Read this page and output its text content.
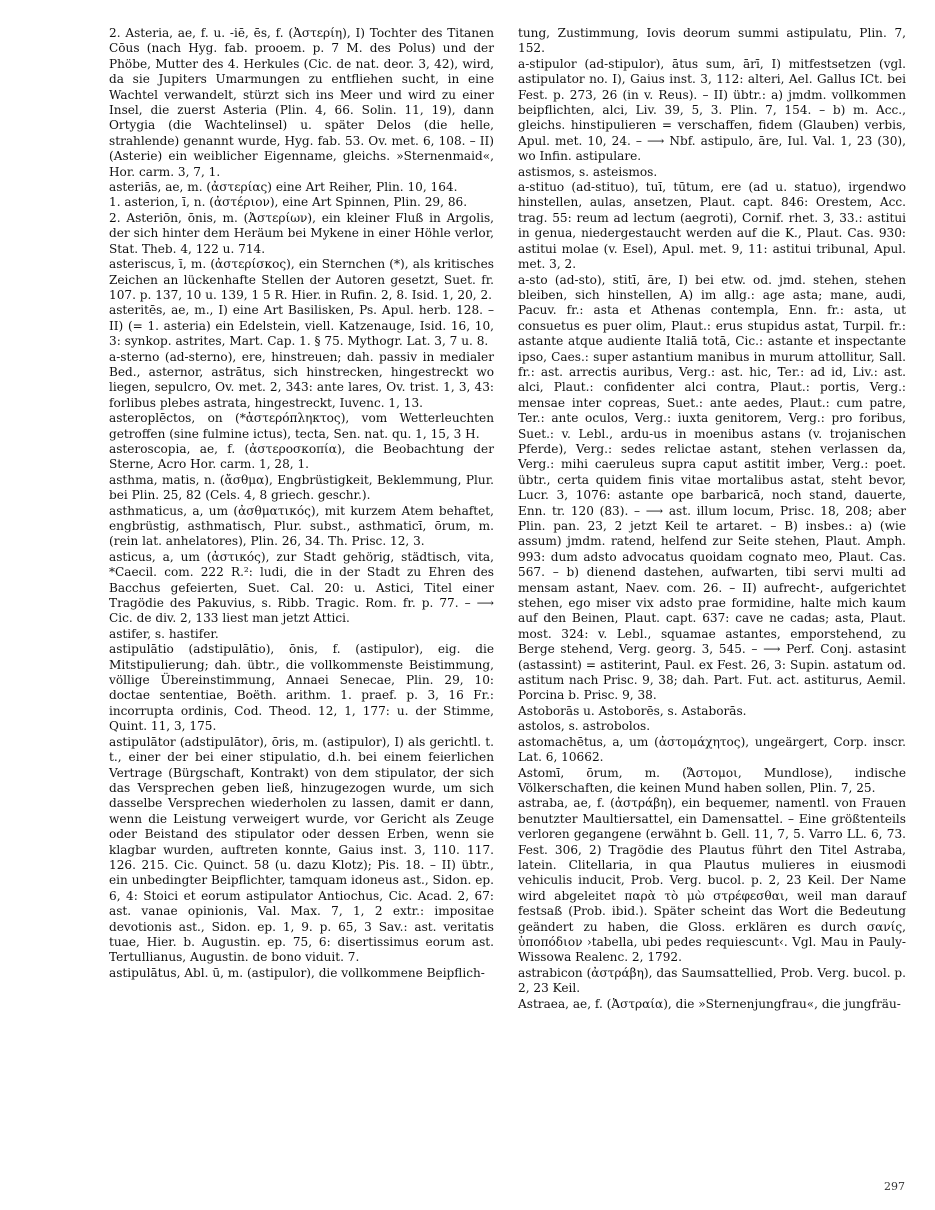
2. Asteria, ae, f. u. -iē, ēs, f. (Ἀστερίη), I) Tochter des Titanen Cōus (nach Hyg. fab. prooem. p. 7 M. des Polus) und der Phöbe, Mutter des 4. Herkules (Cic. de nat. deor. 3, 42), wird, da sie Jupiters Umarmungen zu entfliehen sucht, in eine Wachtel verwandelt, stürzt sich ins Meer und wird zu einer Insel, die zuerst Asteria (Plin. 4, 66. Solin. 11, 19), dann Ortygia (die Wachtelinsel) u. später Delos (die helle, strahlende) genannt wurde, Hyg. fab. 53. Ov. met. 6, 108. – II) (Asterie) ein weiblicher Eigenname, gleichs. »Sternenmaid«, Hor. carm. 3, 7, 1.

asteriās, ae, m. (ἀστερίας) eine Art Reiher, Plin. 10, 164.

1. asterion, ī, n. (ἀστέριον), eine Art Spinnen, Plin. 29, 86.

2. Asteriōn, ōnis, m. (Ἀστερίων), ein kleiner Fluß in Argolis, der sich hinter dem Heräum bei Mykene in einer Höhle verlor, Stat. Theb. 4, 122 u. 714.

asteriscus, ī, m. (ἀστερίσκος), ein Sternchen (*), als kritisches Zeichen an lückenhafte Stellen der Autoren gesetzt, Suet. fr. 107. p. 137, 10 u. 139, 1 5 R. Hier. in Rufin. 2, 8. Isid. 1, 20, 2.

asteritēs, ae, m., I) eine Art Basilisken, Ps. Apul. herb. 128. – II) (= 1. asteria) ein Edelstein, viell. Katzenauge, Isid. 16, 10, 3: synkop. astrites, Mart. Cap. 1. § 75. Mythogr. Lat. 3, 7 u. 8.

a-sterno (ad-sterno), ere, hinstreuen; dah. passiv in medialer Bed., asternor, astrātus, sich hinstrecken, hingestreckt wo liegen, sepulcro, Ov. met. 2, 343: ante lares, Ov. trist. 1, 3, 43: forlibus plebes astrata, hingestreckt, Iuvenc. 1, 13.

asteroplēctos, on (*ἀστερόπληκτος), vom Wetterleuchten getroffen (sine fulmine ictus), tecta, Sen. nat. qu. 1, 15, 3 H.

asteroscopia, ae, f. (ἀστεροσκοπία), die Beobachtung der Sterne, Acro Hor. carm. 1, 28, 1.

asthma, matis, n. (ἄσθμα), Engbrüstigkeit, Beklemmung, Plur. bei Plin. 25, 82 (Cels. 4, 8 griech. geschr.).

asthmaticus, a, um (ἀσθματικός), mit kurzem Atem behaftet, engbrüstig, asthmatisch, Plur. subst., asthmaticī, ōrum, m. (rein lat. anhelatores), Plin. 26, 34. Th. Prisc. 12, 3.

asticus, a, um (ἀστικός), zur Stadt gehörig, städtisch, vita, *Caecil. com. 222 R.²: ludi, die in der Stadt zu Ehren des Bacchus gefeierten, Suet. Cal. 20: u. Astici, Titel einer Tragödie des Pakuvius, s. Ribb. Tragic. Rom. fr. p. 77. – ⟶ Cic. de div. 2, 133 liest man jetzt Attici.

astifer, s. hastifer.

astipulātio (adstipulātio), ōnis, f. (astipulor), eig. die Mitstipulierung; dah. übtr., die vollkommenste Beistimmung, völlige Übereinstimmung, Annaei Senecae, Plin. 29, 10: doctae sententiae, Boëth. arithm. 1. praef. p. 3, 16 Fr.: incorrupta ordinis, Cod. Theod. 12, 1, 177: u. der Stimme, Quint. 11, 3, 175.

astipulātor (adstipulātor), ōris, m. (astipulor), I) als gerichtl. t. t., einer der bei einer stipulatio, d.h. bei einem feierlichen Vertrage (Bürgschaft, Kontrakt) von dem stipulator, der sich das Versprechen geben ließ, hinzugezogen wurde, um sich dasselbe Versprechen wiederholen zu lassen, damit er dann, wenn die Leistung verweigert wurde, vor Gericht als Zeuge oder Beistand des stipulator oder dessen Erben, wenn sie klagbar wurden, auftreten konnte, Gaius inst. 3, 110. 117. 126. 215. Cic. Quinct. 58 (u. dazu Klotz); Pis. 18. – II) übtr., ein unbedingter Beipflichter, tamquam idoneus ast., Sidon. ep. 6, 4: Stoici et eorum astipulator Antiochus, Cic. Acad. 2, 67: ast. vanae opinionis, Val. Max. 7, 1, 2 extr.: impositae devotionis ast., Sidon. ep. 1, 9. p. 65, 3 Sav.: ast. veritatis tuae, Hier. b. Augustin. ep. 75, 6: disertissimus eorum ast. Tertullianus, Augustin. de bono viduit. 7.

astipulātus, Abl. ū, m. (astipulor), die vollkommene Beipflich-

tung, Zustimmung, Iovis deorum summi astipulatu, Plin. 7, 152.

a-stipulor (ad-stipulor), ātus sum, ārī, I) mitfestsetzen (vgl. astipulator no. I), Gaius inst. 3, 112: alteri, Ael. Gallus ICt. bei Fest. p. 273, 26 (in v. Reus). – II) übtr.: a) jmdm. vollkommen beipflichten, alci, Liv. 39, 5, 3. Plin. 7, 154. – b) m. Acc., gleichs. hinstipulieren = verschaffen, fidem (Glauben) verbis, Apul. met. 10, 24. – ⟶ Nbf. astipulo, āre, Iul. Val. 1, 23 (30), wo Infin. astipulare.

astismos, s. asteismos.

a-stituo (ad-stituo), tuī, tūtum, ere (ad u. statuo), irgendwo hinstellen, aulas, ansetzen, Plaut. capt. 846: Orestem, Acc. trag. 55: reum ad lectum (aegroti), Cornif. rhet. 3, 33.: astitui in genua, niedergestaucht werden auf die K., Plaut. Cas. 930: astitui molae (v. Esel), Apul. met. 9, 11: astitui tribunal, Apul. met. 3, 2.

a-sto (ad-sto), stitī, āre, I) bei etw. od. jmd. stehen, stehen bleiben, sich hinstellen, A) im allg.: age asta; mane, audi, Pacuv. fr.: asta et Athenas contempla, Enn. fr.: asta, ut consuetus es puer olim, Plaut.: erus stupidus astat, Turpil. fr.: astante atque audiente Italiā totā, Cic.: astante et inspectante ipso, Caes.: super astantium manibus in murum attollitur, Sall. fr.: ast. arrectis auribus, Verg.: ast. hic, Ter.: ad id, Liv.: ast. alci, Plaut.: confidenter alci contra, Plaut.: portis, Verg.: mensae inter copreas, Suet.: ante aedes, Plaut.: cum patre, Ter.: ante oculos, Verg.: iuxta genitorem, Verg.: pro foribus, Suet.: v. Lebl., ardu-us in moenibus astans (v. trojanischen Pferde), Verg.: sedes relictae astant, stehen verlassen da, Verg.: mihi caeruleus supra caput astitit imber, Verg.: poet. übtr., certa quidem finis vitae mortalibus astat, steht bevor, Lucr. 3, 1076: astante ope barbaricā, noch stand, dauerte, Enn. tr. 120 (83). – ⟶ ast. illum locum, Prisc. 18, 208; aber Plin. pan. 23, 2 jetzt Keil te artaret. – B) insbes.: a) (wie assum) jmdm. ratend, helfend zur Seite stehen, Plaut. Amph. 993: dum adsto advocatus quoidam cognato meo, Plaut. Cas. 567. – b) dienend dastehen, aufwarten, tibi servi multi ad mensam astant, Naev. com. 26. – II) aufrecht-, aufgerichtet stehen, ego miser vix adsto prae formidine, halte mich kaum auf den Beinen, Plaut. capt. 637: cave ne cadas; asta, Plaut. most. 324: v. Lebl., squamae astantes, emporstehend, zu Berge stehend, Verg. georg. 3, 545. – ⟶ Perf. Conj. astasint (astassint) = astiterint, Paul. ex Fest. 26, 3: Supin. astatum od. astitum nach Prisc. 9, 38; dah. Part. Fut. act. astiturus, Aemil. Porcina b. Prisc. 9, 38.

Astoborās u. Astoborēs, s. Astaborās.

astolos, s. astrobolos.

astomachētus, a, um (ἀστομάχητος), ungeärgert, Corp. inscr. Lat. 6, 10662.

Astomī, ōrum, m. (Ἄστομοι, Mundlose), indische Völkerschaften, die keinen Mund haben sollen, Plin. 7, 25.

astraba, ae, f. (ἀστράβη), ein bequemer, namentl. von Frauen benutzter Maultiersattel, ein Damensattel. – Eine größtenteils verloren gegangene (erwähnt b. Gell. 11, 7, 5. Varro LL. 6, 73. Fest. 306, 2) Tragödie des Plautus führt den Titel Astraba, latein. Clitellaria, in qua Plautus mulieres in eiusmodi vehiculis inducit, Prob. Verg. bucol. p. 2, 23 Keil. Der Name wird abgeleitet παρὰ τὸ μὼ στρέφεσθαι, weil man darauf festsaß (Prob. ibid.). Später scheint das Wort die Bedeutung geändert zu haben, die Gloss. erklären es durch σανίς, ὑποπόδιον ›tabella, ubi pedes requiescunt‹. Vgl. Mau in Pauly-Wissowa Realenc. 2, 1792.

astrabicon (ἀστράβη), das Saumsattellied, Prob. Verg. bucol. p. 2, 23 Keil.

Astraea, ae, f. (Ἀστραία), die »Sternenjungfrau«, die jungfräu-

297
